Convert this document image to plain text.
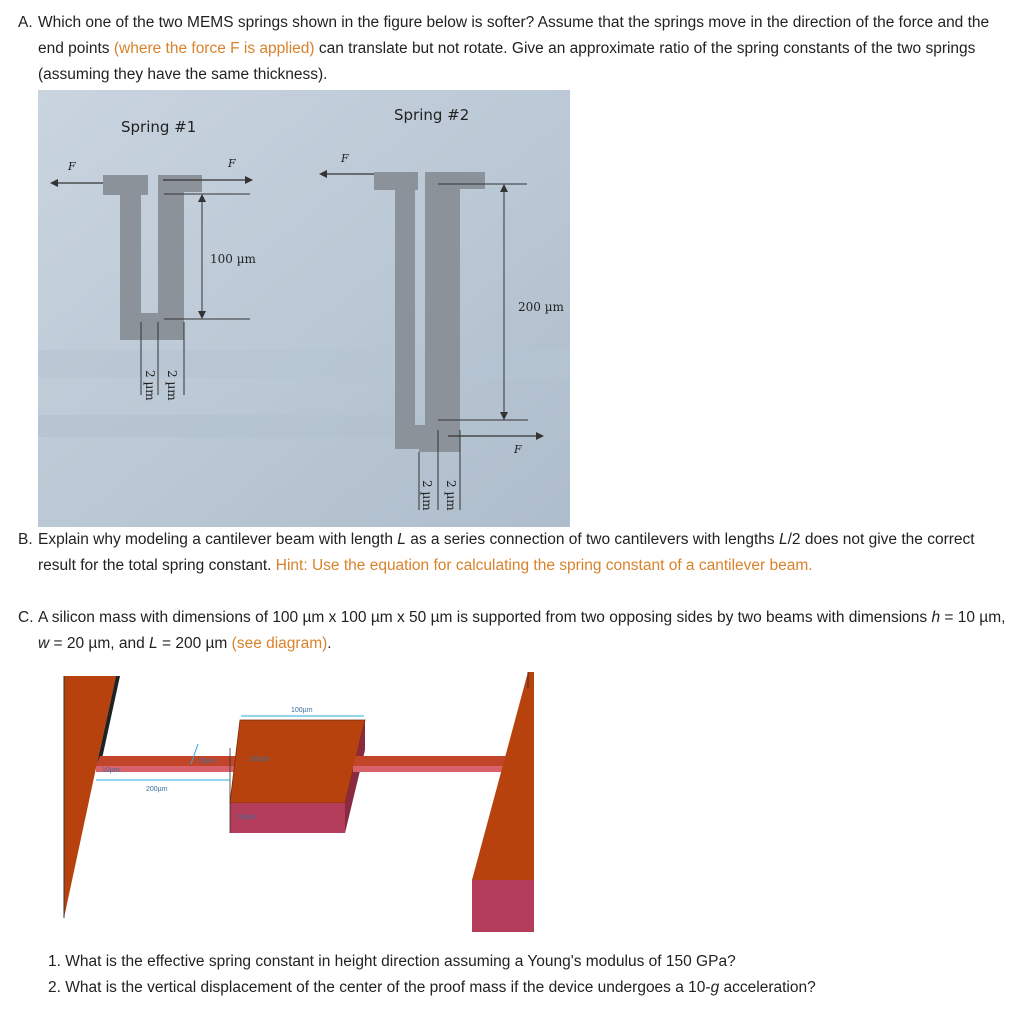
A. Which one of the two MEMS springs shown in the figure below is softer? Assume that the springs move in the direction of the force and the end points (where the force F is applied) can translate but not rotate. Give an approximate ratio of the spring constants of the two springs (assuming they have the same thickness).
Spring #1
F	F
100 µm
2 µm 2 µm
Spring #2
F
200 µm
F
2 µm 2 µm
B. Explain why modeling a cantilever beam with length L as a series connection of two cantilevers with lengths L/2 does not give the correct result for the total spring constant. Hint: Use the equation for calculating the spring constant of a cantilever beam.
C. A silicon mass with dimensions of 100 µm x 100 µm x 50 µm is supported from two opposing sides by two beams with dimensions h = 10 µm, w = 20 µm, and L = 200 µm (see diagram).
100µm
20µm	100µm
10µm
200µm
50µm
1. What is the effective spring constant in height direction assuming a Young's modulus of 150 GPa?
2. What is the vertical displacement of the center of the proof mass if the device undergoes a 10-g acceleration?
